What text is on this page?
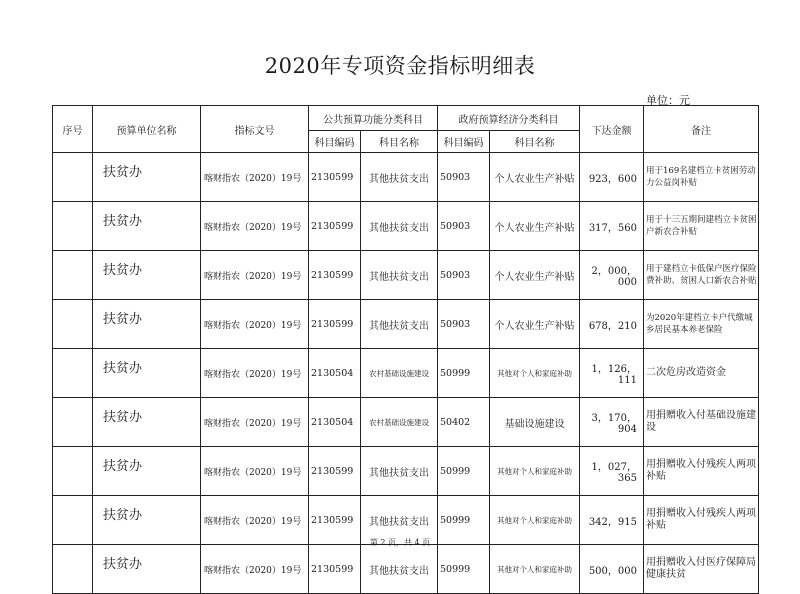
2020年专项资金指标明细表
单位：元
序号	预算单位名称	指标文号	公共预算功能分类科目		政府预算经济分类科目		下达金额	备注
			科目编码	科目名称	科目编码	科目名称		
	扶贫办	喀财指农（2020）19号	2130599	其他扶贫支出	50903	个人农业生产补贴	923，600	用于169名建档立卡贫困劳动力公益岗补贴
	扶贫办	喀财指农（2020）19号	2130599	其他扶贫支出	50903	个人农业生产补贴	317，560	用于十三五期间建档立卡贫困户新农合补贴
	扶贫办	喀财指农（2020）19号	2130599	其他扶贫支出	50903	个人农业生产补贴	2，000，000	用于建档立卡低保户医疗保险费补助、贫困人口新农合补贴
	扶贫办	喀财指农（2020）19号	2130599	其他扶贫支出	50903	个人农业生产补贴	678，210	为2020年建档立卡户代缴城乡居民基本养老保险
	扶贫办	喀财指农（2020）19号	2130504	农村基础设施建设	50999	其他对个人和家庭补助	1，126，111	二次危房改造资金
	扶贫办	喀财指农（2020）19号	2130504	农村基础设施建设	50402	基础设施建设	3，170，904	用捐赠收入付基础设施建设
	扶贫办	喀财指农（2020）19号	2130599	其他扶贫支出	50999	其他对个人和家庭补助	1，027，365	用捐赠收入付残疾人两项补贴
	扶贫办	喀财指农（2020）19号	2130599	其他扶贫支出	50999	其他对个人和家庭补助	342，915	用捐赠收入付残疾人两项补贴
	扶贫办	喀财指农（2020）19号	2130599	其他扶贫支出	50999	其他对个人和家庭补助	500，000	用捐赠收入付医疗保障局健康扶贫
第 2 页，共 4 页
